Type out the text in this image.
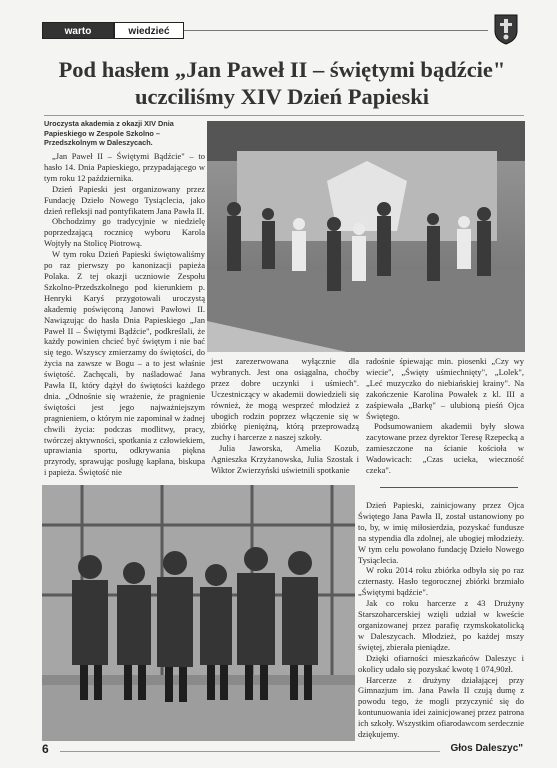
warto	wiedzieć
Pod hasłem „Jan Paweł II – świętymi bądźcie"
uczciliśmy XIV Dzień Papieski
Uroczysta akademia z okazji XIV Dnia Papieskiego w Zespole Szkolno – Przedszkolnym w Daleszycach.

„Jan Paweł II – Świętymi Bądźcie" – to hasło 14. Dnia Papieskiego, przypadającego w tym roku 12 października.

Dzień Papieski jest organizowany przez Fundację Dzieło Nowego Tysiąclecia, jako dzień refleksji nad pontyfikatem Jana Pawła II.

Obchodzimy go tradycyjnie w niedzielę poprzedzającą rocznicę wyboru Karola Wojtyły na Stolicę Piotrową.

W tym roku Dzień Papieski świętowaliśmy po raz pierwszy po kanonizacji papieża Polaka. Z tej okazji uczniowie Zespołu Szkolno-Przedszkolnego pod kierunkiem p. Henryki Karyś przygotowali uroczystą akademię poświęconą Janowi Pawłowi II. Nawiązując do hasła Dnia Papieskiego „Jan Paweł II – Świętymi Bądźcie", podkreślali, że każdy powinien chcieć być świętym i nie bać się tego. Wszyscy zmierzamy do świętości, do życia na zawsze w Bogu – a to jest właśnie świętość. Zachęcali, by naśladować Jana Pawła II, który dążył do świętości każdego dnia. „Odnośnie się wrażenie, że pragnienie świętości jest jego najważniejszym pragnieniem, o którym nie zapominał w żadnej chwili życia: podczas modlitwy, pracy, twórczej aktywności, spotkania z człowiekiem, uprawiania sportu, odkrywania piękna przyrody, sprawując posługę kapłana, biskupa i papieża. Świętość nie

jest zarezerwowana wyłącznie dla wybranych. Jest ona osiągalna, choćby przez dobre uczynki i uśmiech". Uczestniczący w akademii dowiedzieli się również, że mogą wesprzeć młodzież z ubogich rodzin poprzez włączenie się w zbiórkę pieniężną, którą przeprowadzą zuchy i harcerze z naszej szkoły.

Julia Jaworska, Amelia Kozub, Agnieszka Krzyżanowska, Julia Szostak i Wiktor Zwierzyński uświetnili spotkanie

radośnie śpiewając min. piosenki „Czy wy wiecie", „Święty uśmiechnięty", „Lolek", „Leć muzyczko do niebiańskiej krainy". Na zakończenie Karolina Powałek z kl. III a zaśpiewała „Barkę" – ulubioną pieśń Ojca Świętego.

Podsumowaniem akademii były słowa zacytowane przez dyrektor Teresę Rzepecką a zamieszczone na ścianie kościoła w Wadowicach: „Czas ucieka, wieczność czeka".

Dzień Papieski, zainicjowany przez Ojca Świętego Jana Pawła II, został ustanowiony po to, by, w imię miłosierdzia, pozyskać fundusze na stypendia dla zdolnej, ale ubogiej młodzieży. W tym celu powołano fundację Dzieło Nowego Tysiąclecia.

W roku 2014 roku zbiórka odbyła się po raz czternasty. Hasło tegorocznej zbiórki brzmiało „Świętymi bądźcie".

Jak co roku harcerze z 43 Drużyny Starszoharcerskiej wzięli udział w kweście organizowanej przez parafię rzymskokatolicką w Daleszycach. Młodzież, po każdej mszy świętej, zbierała pieniądze.

Dzięki ofiarności mieszkańców Daleszyc i okolicy udało się pozyskać kwotę 1 074,90zł.

Harcerze z drużyny działającej przy Gimnazjum im. Jana Pawła II czują dumę z powodu tego, że mogli przyczynić się do kontunuowania idei zainicjowanej przez patrona ich szkoły. Wszystkim ofiarodawcom serdecznie dziękujemy.

6	Głos Daleszyc"
